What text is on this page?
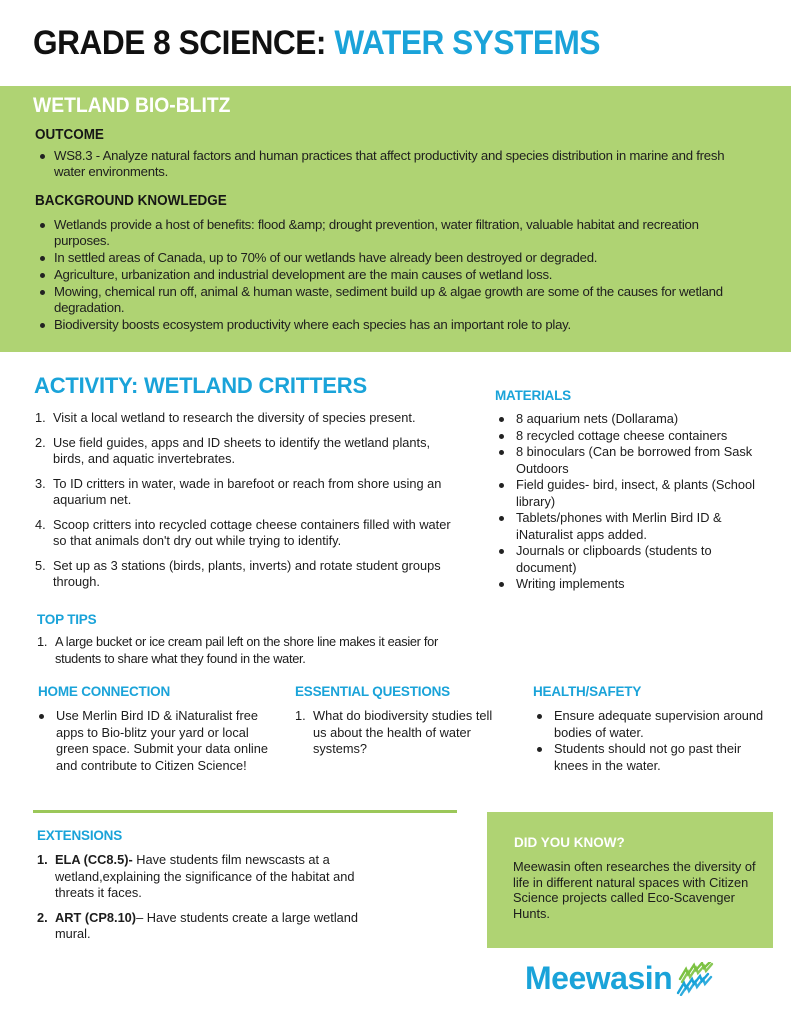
GRADE 8 SCIENCE: WATER SYSTEMS
WETLAND BIO-BLITZ
OUTCOME
WS8.3 - Analyze natural factors and human practices that affect productivity and species distribution in marine and fresh water environments.
BACKGROUND KNOWLEDGE
Wetlands provide a host of benefits: flood &amp; drought prevention, water filtration, valuable habitat and recreation purposes.
In settled areas of Canada, up to 70% of our wetlands have already been destroyed or degraded.
Agriculture, urbanization and industrial development are the main causes of wetland loss.
Mowing, chemical run off, animal & human waste, sediment build up & algae growth are some of the causes for wetland degradation.
Biodiversity boosts ecosystem productivity where each species has an important role to play.
ACTIVITY: WETLAND CRITTERS
1. Visit a local wetland to research the diversity of species present.
2. Use field guides, apps and ID sheets to identify the wetland plants, birds, and aquatic invertebrates.
3. To ID critters in water, wade in barefoot or reach from shore using an aquarium net.
4. Scoop critters into recycled cottage cheese containers filled with water so that animals don't dry out while trying to identify.
5. Set up as 3 stations (birds, plants, inverts) and rotate student groups through.
MATERIALS
8 aquarium nets (Dollarama)
8 recycled cottage cheese containers
8 binoculars (Can be borrowed from Sask Outdoors
Field guides- bird, insect, & plants (School library)
Tablets/phones with Merlin Bird ID & iNaturalist apps added.
Journals or clipboards (students to document)
Writing implements
TOP TIPS
1. A large bucket or ice cream pail left on the shore line makes it easier for students to share what they found in the water.
HOME CONNECTION
Use Merlin Bird ID & iNaturalist free apps to Bio-blitz your yard or local green space. Submit your data online and contribute to Citizen Science!
ESSENTIAL QUESTIONS
1. What do biodiversity studies tell us about the health of water systems?
HEALTH/SAFETY
Ensure adequate supervision around bodies of water.
Students should not go past their knees in the water.
EXTENSIONS
1. ELA (CC8.5)- Have students film newscasts at a wetland,explaining the significance of the habitat and threats it faces.
2. ART (CP8.10)– Have students create a large wetland mural.
DID YOU KNOW?
Meewasin often researches the diversity of life in different natural spaces with Citizen Science projects called Eco-Scavenger Hunts.
Meewasin
